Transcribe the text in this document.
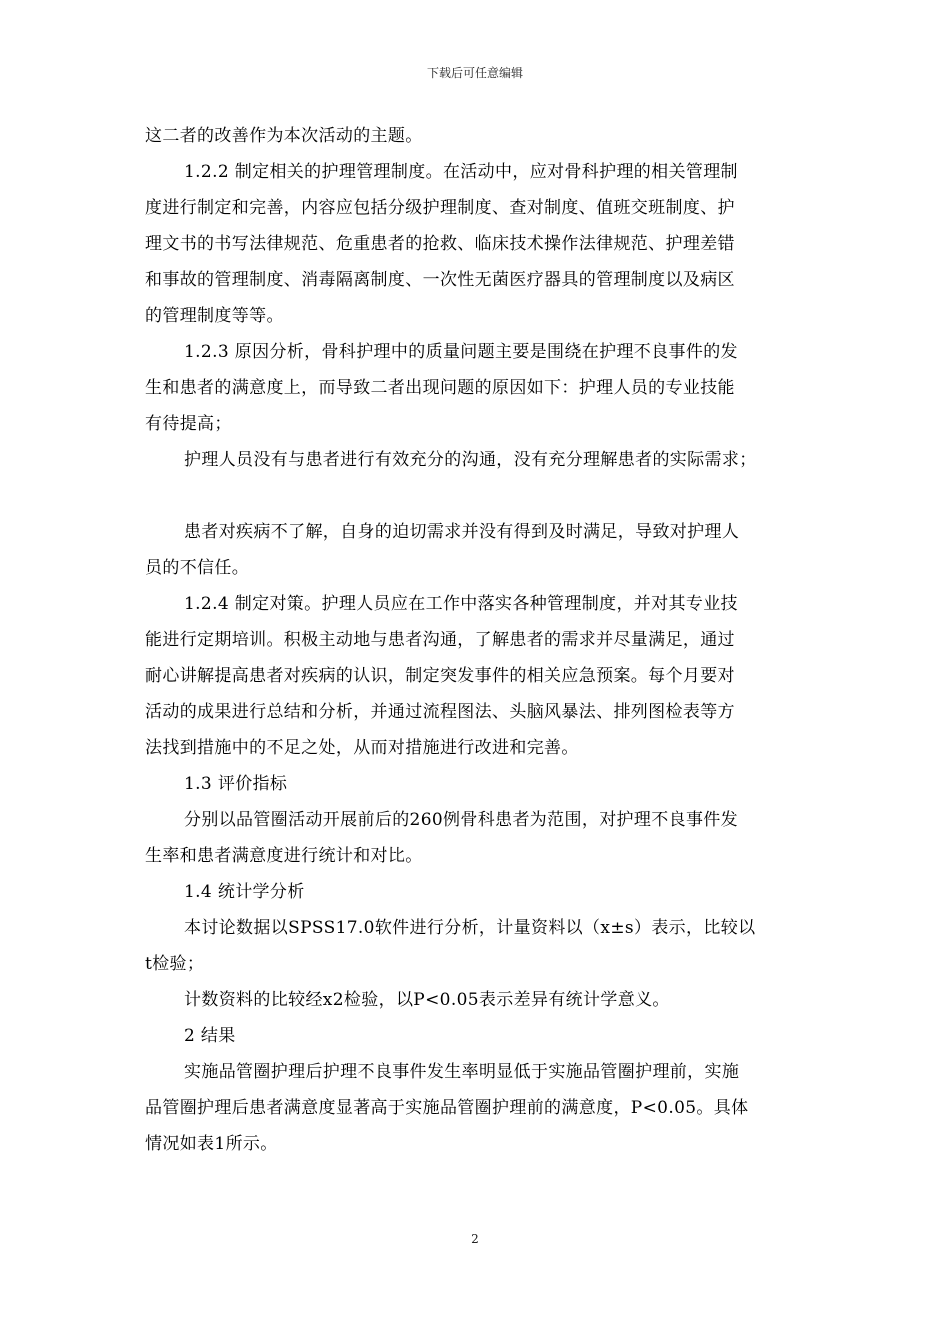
下载后可任意编辑
这二者的改善作为本次活动的主题。
1.2.2 制定相关的护理管理制度。在活动中，应对骨科护理的相关管理制
度进行制定和完善，内容应包括分级护理制度、查对制度、值班交班制度、护
理文书的书写法律规范、危重患者的抢救、临床技术操作法律规范、护理差错
和事故的管理制度、消毒隔离制度、一次性无菌医疗器具的管理制度以及病区
的管理制度等等。
1.2.3 原因分析，骨科护理中的质量问题主要是围绕在护理不良事件的发
生和患者的满意度上，而导致二者出现问题的原因如下：护理人员的专业技能
有待提高；
护理人员没有与患者进行有效充分的沟通，没有充分理解患者的实际需求；
患者对疾病不了解，自身的迫切需求并没有得到及时满足，导致对护理人
员的不信任。
1.2.4 制定对策。护理人员应在工作中落实各种管理制度，并对其专业技
能进行定期培训。积极主动地与患者沟通，了解患者的需求并尽量满足，通过
耐心讲解提高患者对疾病的认识，制定突发事件的相关应急预案。每个月要对
活动的成果进行总结和分析，并通过流程图法、头脑风暴法、排列图检表等方
法找到措施中的不足之处，从而对措施进行改进和完善。
1.3 评价指标
分别以品管圈活动开展前后的260例骨科患者为范围，对护理不良事件发
生率和患者满意度进行统计和对比。
1.4 统计学分析
本讨论数据以SPSS17.0软件进行分析，计量资料以（x±s）表示，比较以
t检验；
计数资料的比较经x2检验，以P<0.05表示差异有统计学意义。
2 结果
实施品管圈护理后护理不良事件发生率明显低于实施品管圈护理前，实施
品管圈护理后患者满意度显著高于实施品管圈护理前的满意度，P<0.05。具体
情况如表1所示。
2
